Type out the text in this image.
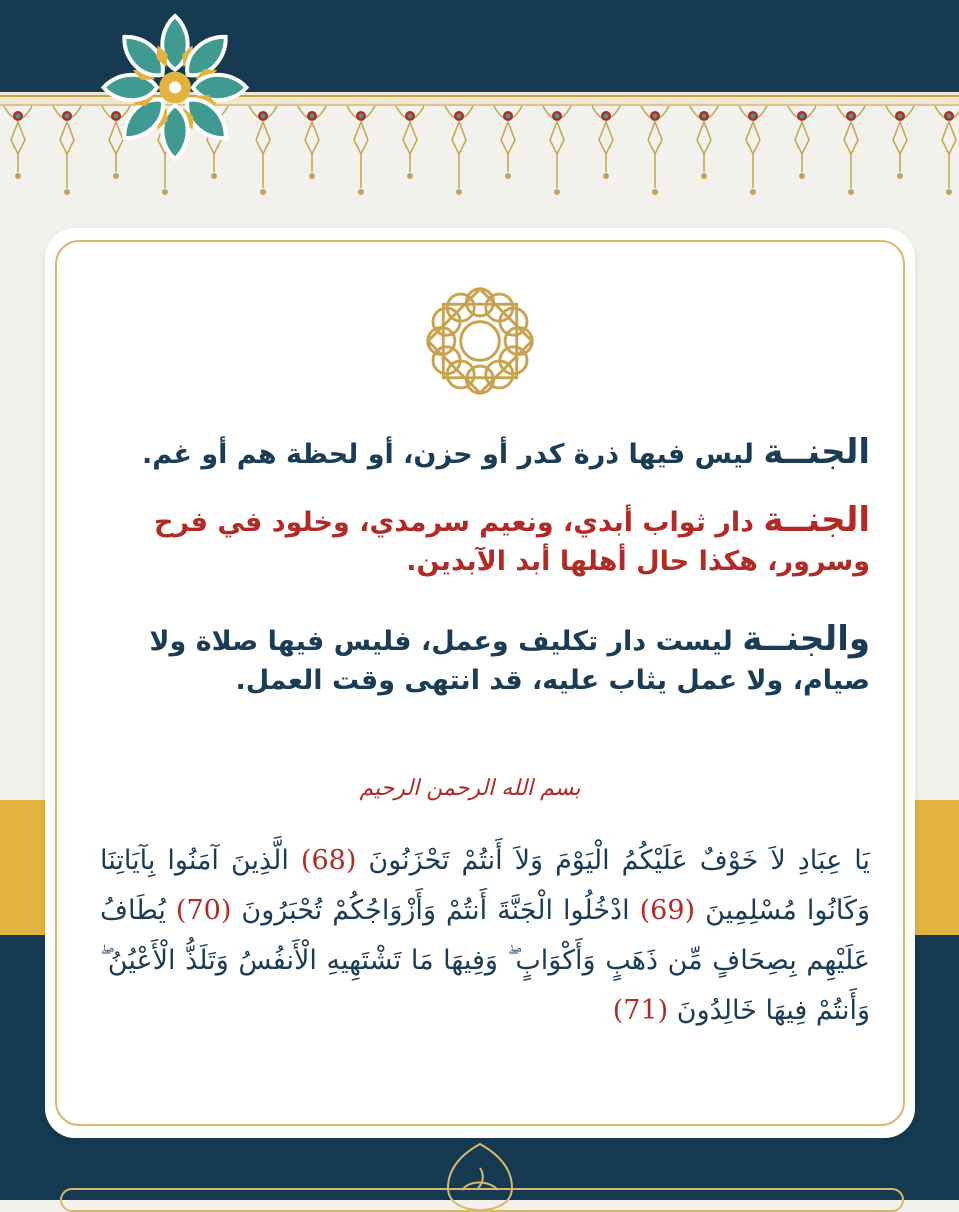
الجنــة ليس فيها ذرة كدر أو حزن، أو لحظة هم أو غم.

الجنــة دار ثواب أبدي، ونعيم سرمدي، وخلود في فرح وسرور، هكذا حال أهلها أبد الآبدين.

والجنــة ليست دار تكليف وعمل، فليس فيها صلاة ولا صيام، ولا عمل يثاب عليه، قد انتهى وقت العمل.

بسم الله الرحمن الرحيم

يَا عِبَادِ لاَ خَوْفٌ عَلَيْكُمُ الْيَوْمَ وَلاَ أَنتُمْ تَحْزَنُونَ (68) الَّذِينَ آمَنُوا بِآيَاتِنَا وَكَانُوا مُسْلِمِينَ (69) ادْخُلُوا الْجَنَّةَ أَنتُمْ وَأَزْوَاجُكُمْ تُحْبَرُونَ (70) يُطَافُ عَلَيْهِم بِصِحَافٍ مِّن ذَهَبٍ وَأَكْوَابٍ ۖ وَفِيهَا مَا تَشْتَهِيهِ الْأَنفُسُ وَتَلَذُّ الْأَعْيُنُ ۖ وَأَنتُمْ فِيهَا خَالِدُونَ (71)
